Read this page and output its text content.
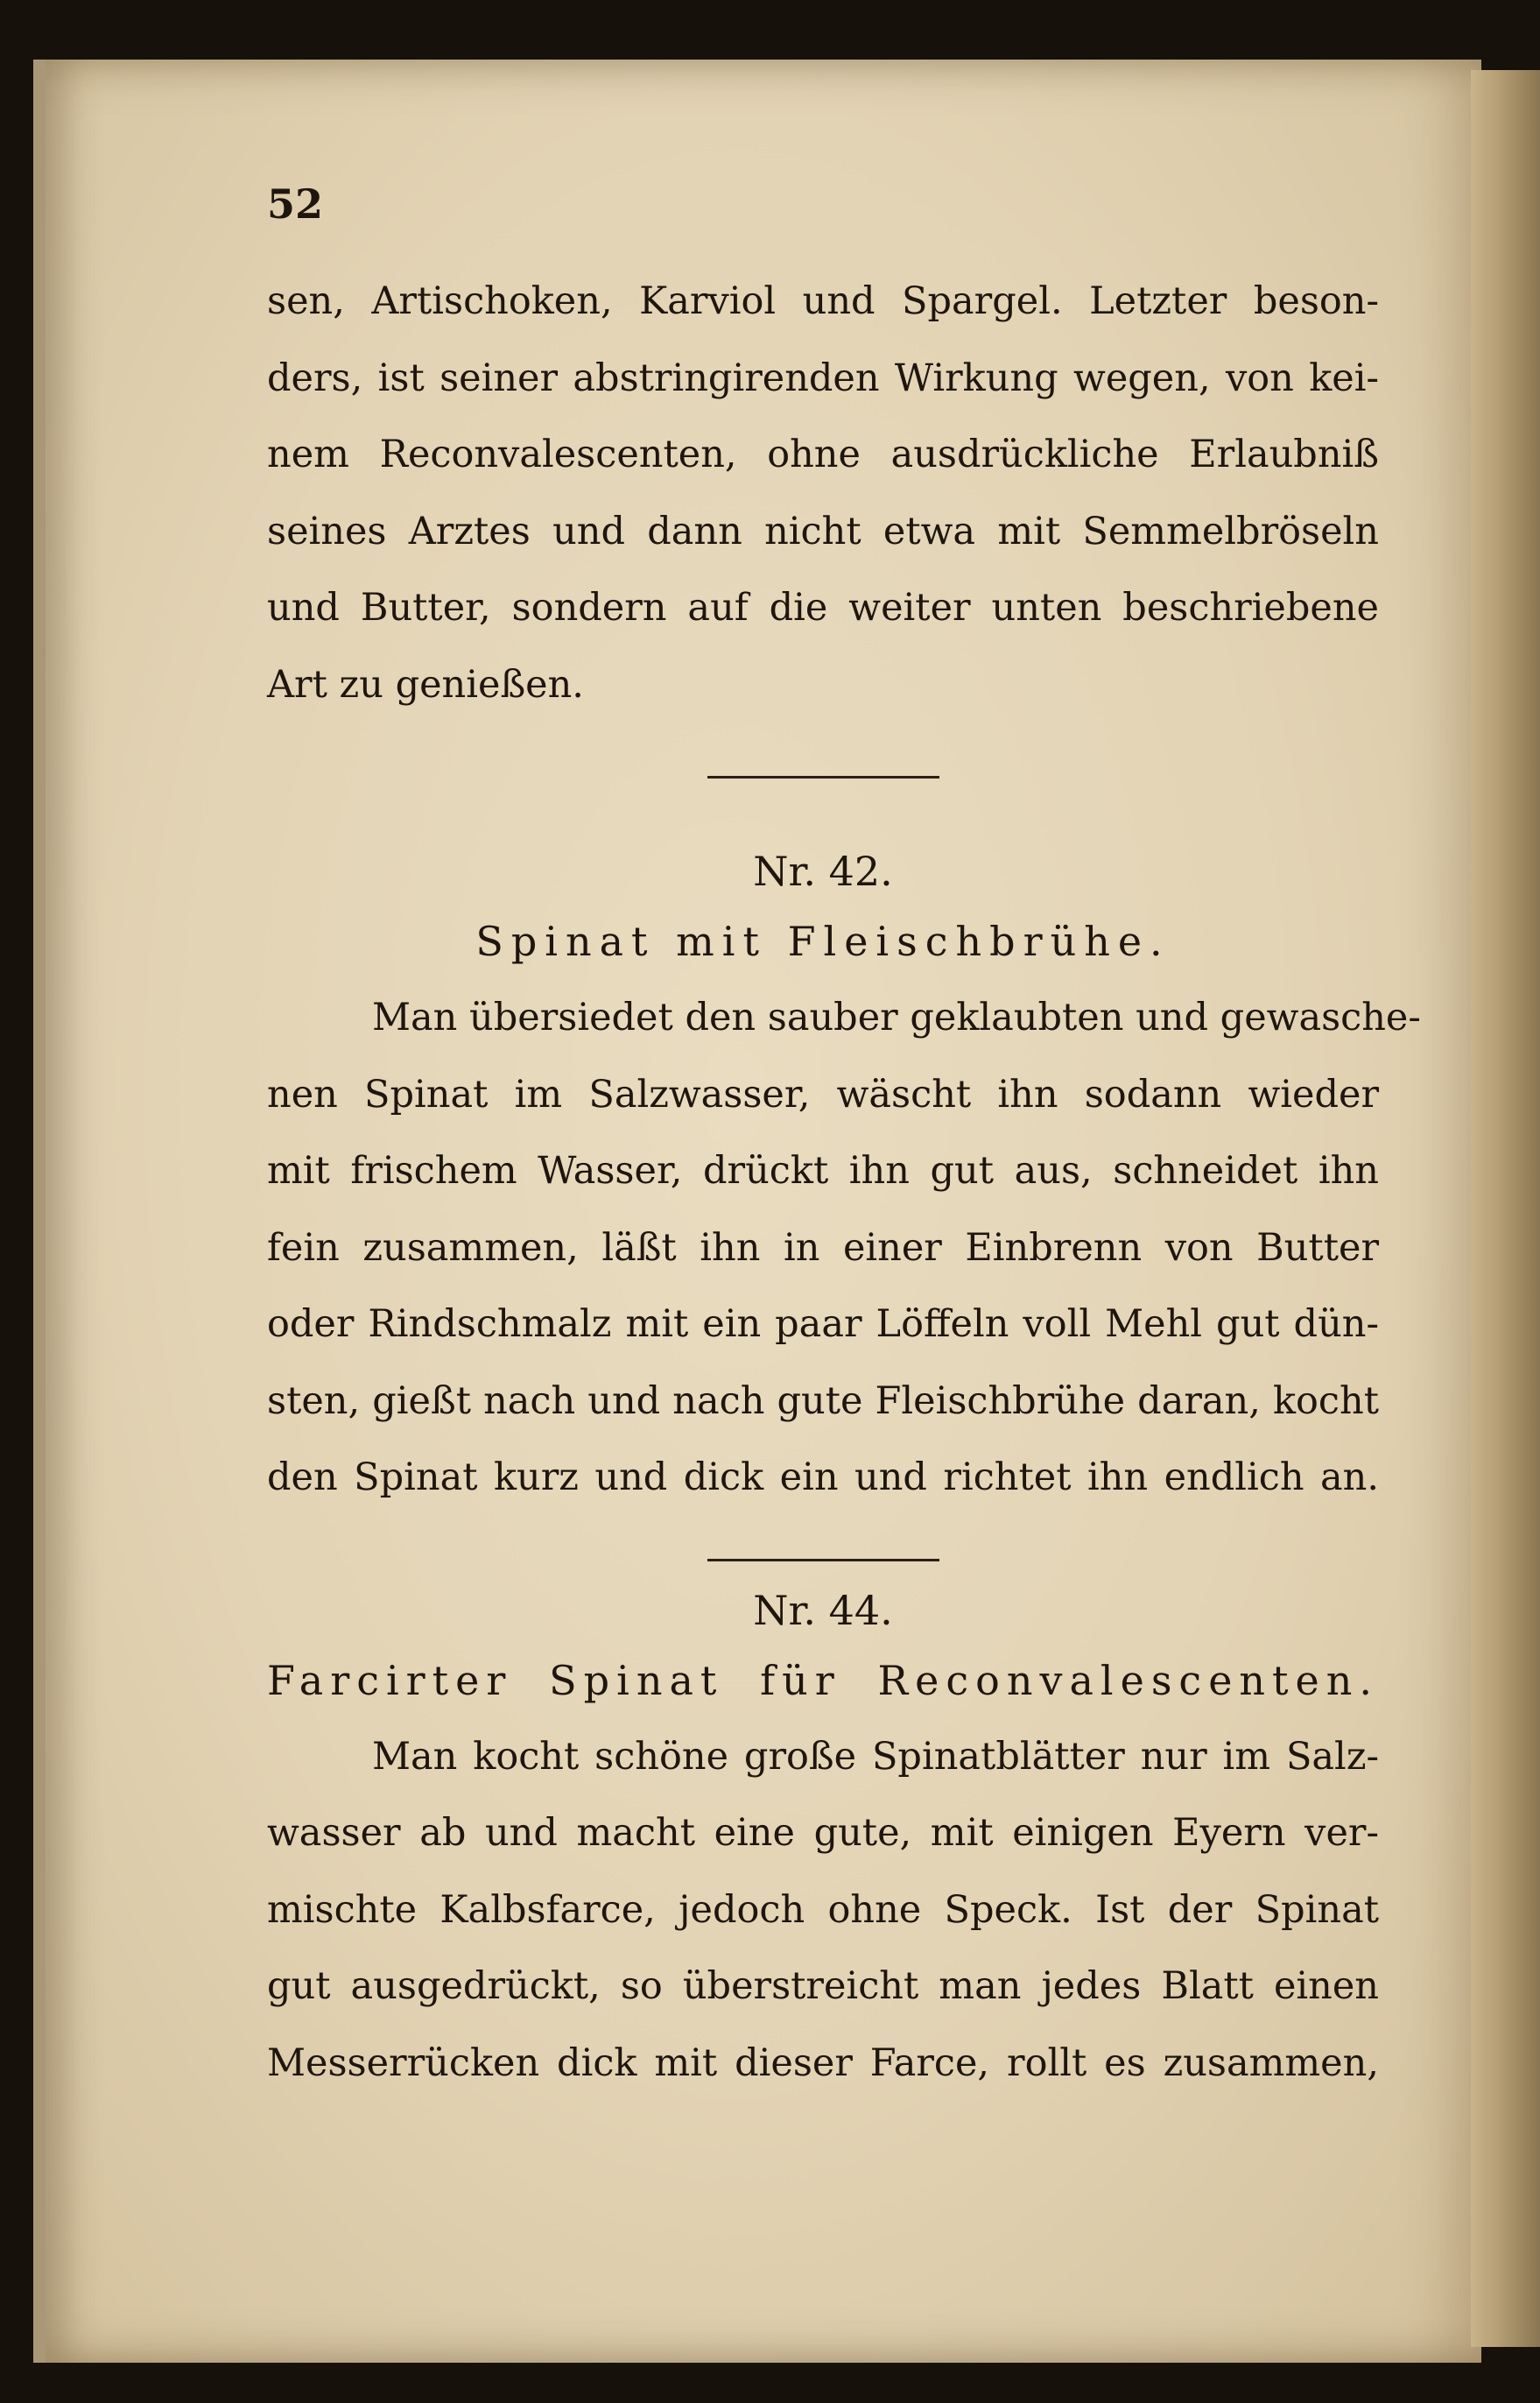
52
sen, Artischoken, Karviol und Spargel. Letzter beson-
ders, ist seiner abstringirenden Wirkung wegen, von kei-
nem Reconvalescenten, ohne ausdrückliche Erlaubniß
seines Arztes und dann nicht etwa mit Semmelbröseln
und Butter, sondern auf die weiter unten beschriebene
Art zu genießen.
Nr. 42.
Spinat mit Fleischbrühe.
Man übersiedet den sauber geklaubten und gewasche-
nen Spinat im Salzwasser, wäscht ihn sodann wieder
mit frischem Wasser, drückt ihn gut aus, schneidet ihn
fein zusammen, läßt ihn in einer Einbrenn von Butter
oder Rindschmalz mit ein paar Löffeln voll Mehl gut dün-
sten, gießt nach und nach gute Fleischbrühe daran, kocht
den Spinat kurz und dick ein und richtet ihn endlich an.
Nr. 44.
Farcirter Spinat für Reconvalescenten.
Man kocht schöne große Spinatblätter nur im Salz-
wasser ab und macht eine gute, mit einigen Eyern ver-
mischte Kalbsfarce, jedoch ohne Speck. Ist der Spinat
gut ausgedrückt, so überstreicht man jedes Blatt einen
Messerrücken dick mit dieser Farce, rollt es zusammen,
